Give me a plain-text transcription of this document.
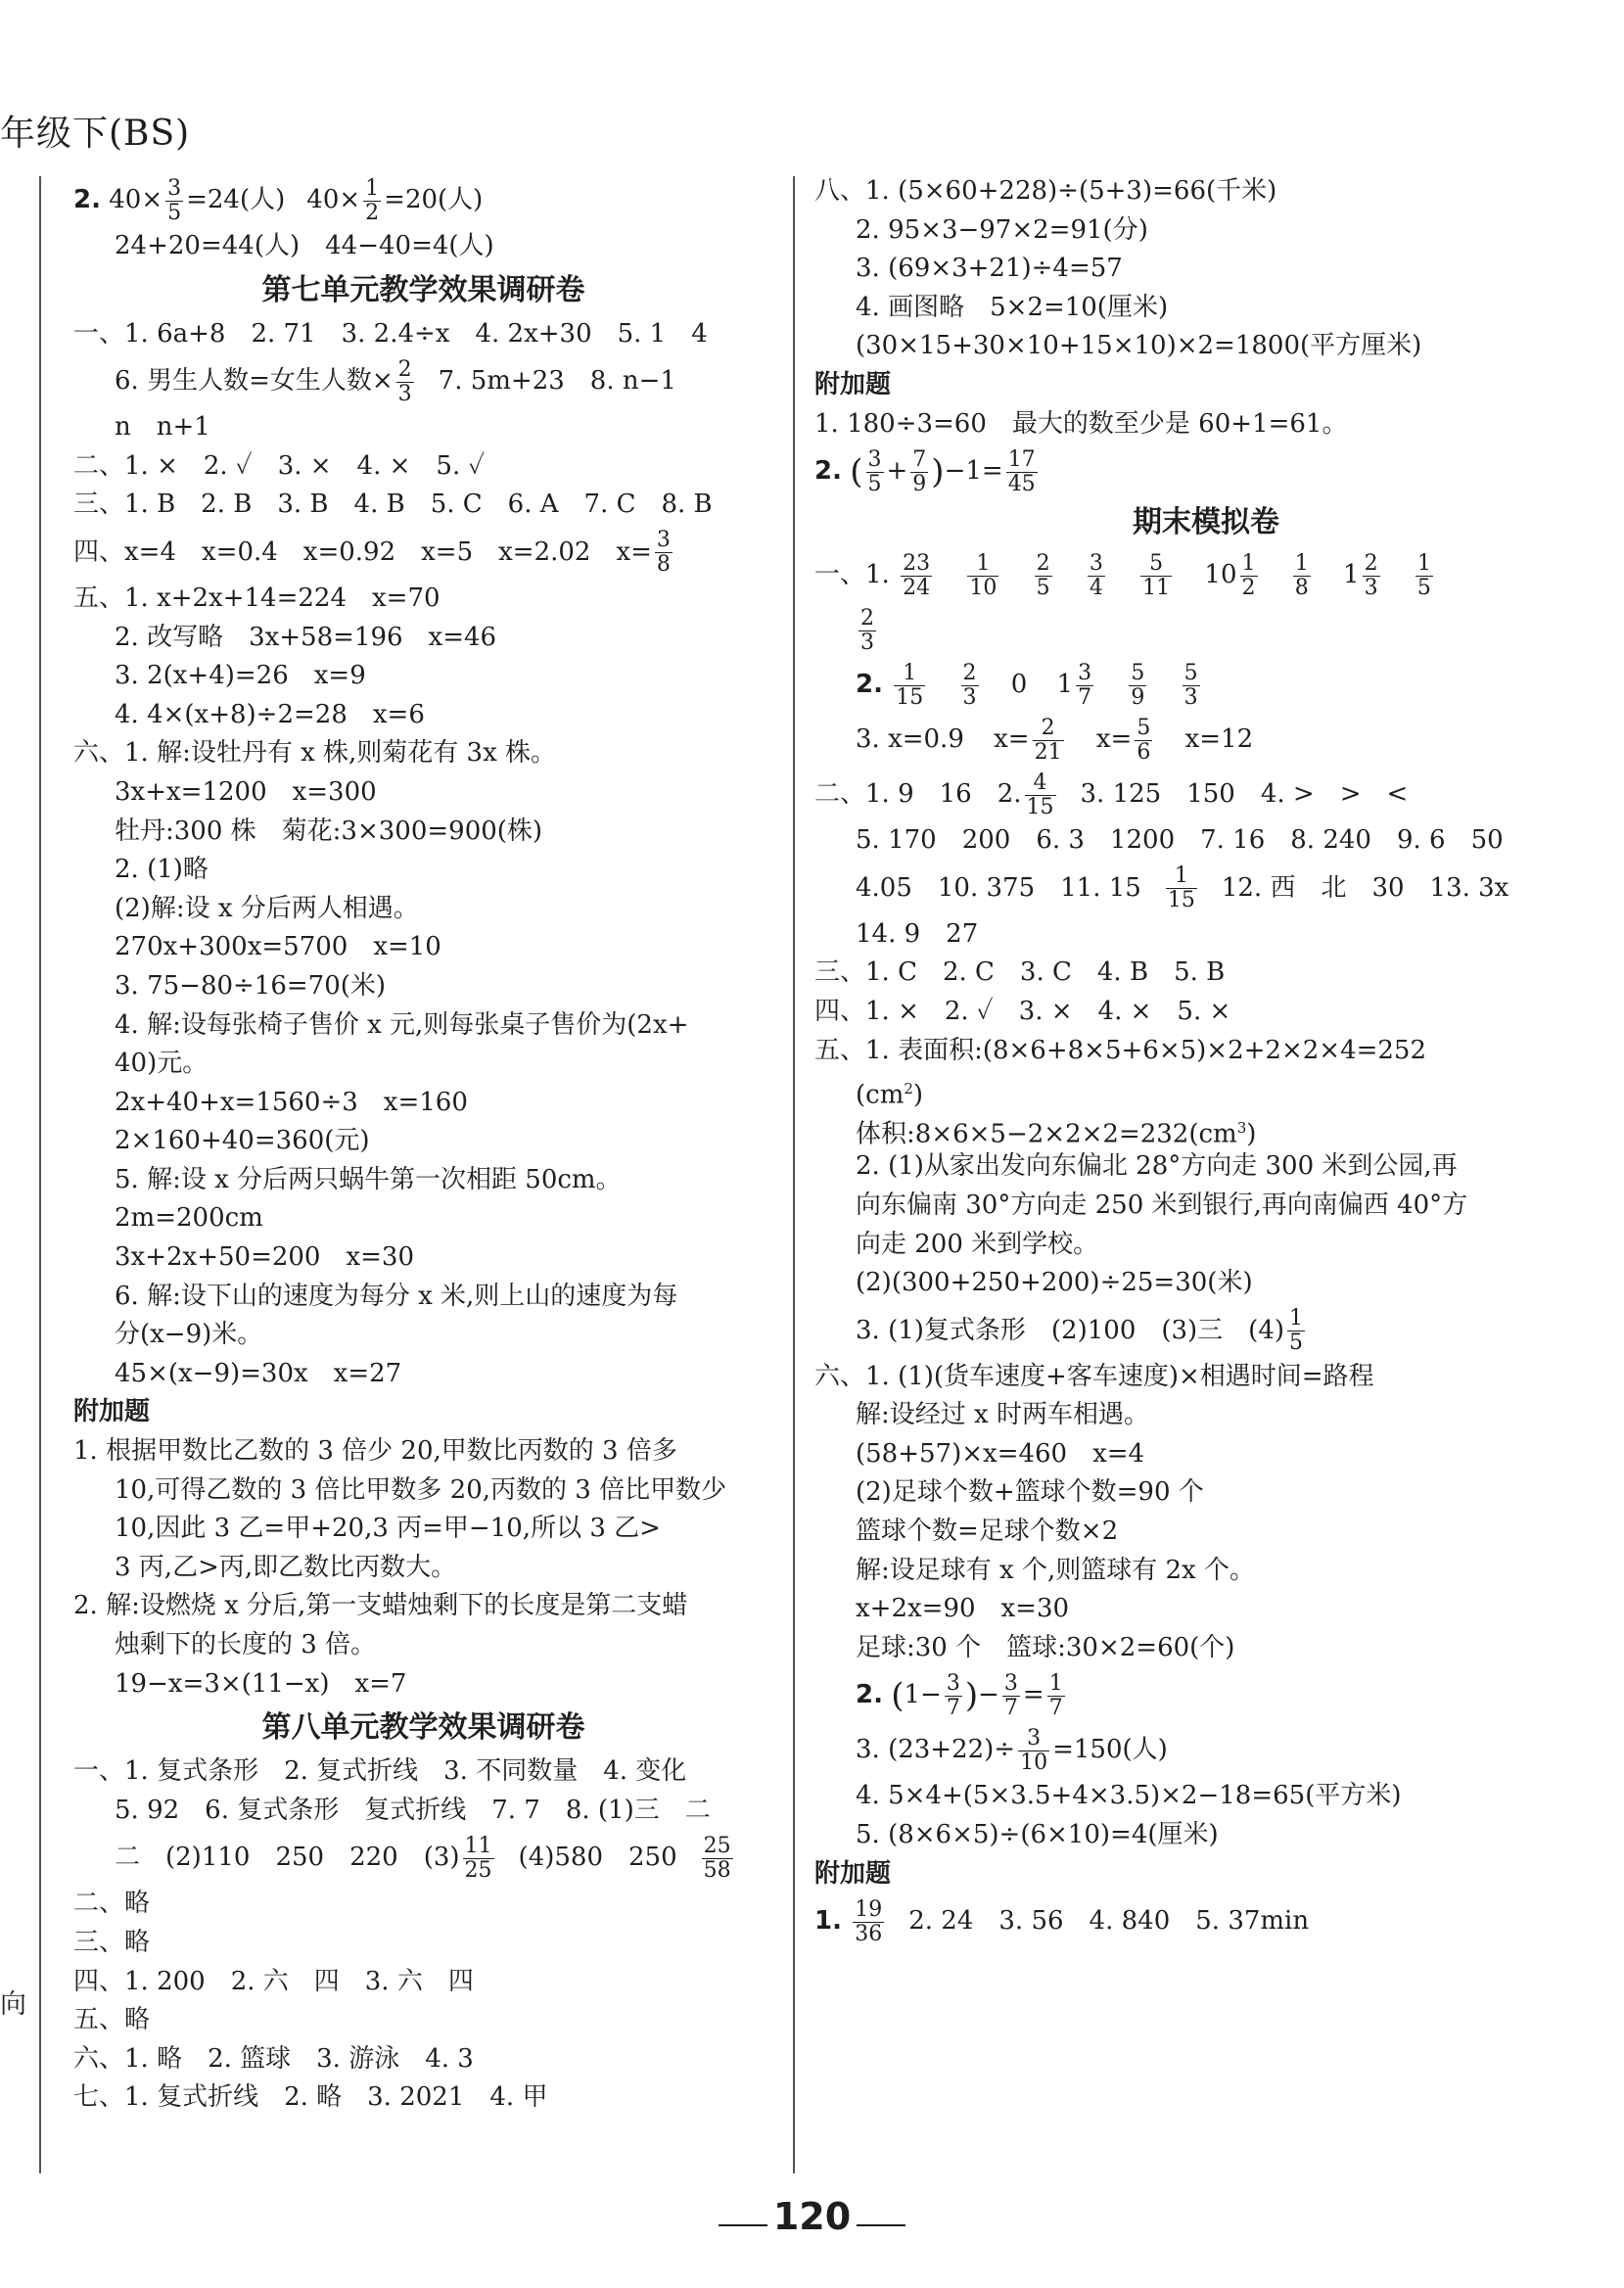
年级下(BS)
向
2. $40\times \frac{3}{5} =24$(人) $40\times \frac{1}{2} =20$(人)
24+20=44(人)　44−40=4(人)
第七单元教学效果调研卷
一、1. 6a+8　2. 71　3. 2.4÷x　4. 2x+30　5. 1　4
6. 男生人数=女生人数× $\frac{2}{3} 7$. 5m+23　8. n−1
n　n+1
二、1. ×　2. ✓　3. ×　4. ×　5. ✓
三、1. B　2. B　3. B　4. B　5. C　6. A　7. C　8. B
四、x=4　x=0.4　x=0.92　x=5　x=2.02　$x= \frac{3}{8}$
五、1. x+2x+14=224　x=70
2. 改写略　3x+58=196　x=46
3. 2(x+4)=26　x=9
4. 4×(x+8)÷2=28　x=6
六、1. 解:设牡丹有 x 株,则菊花有 3x 株。
3x+x=1200　x=300
牡丹:300 株　菊花:3×300=900(株)
2. (1)略
(2)解:设 x 分后两人相遇。
270x+300x=5700　x=10
3. 75−80÷16=70(米)
4. 解:设每张椅子售价 x 元,则每张桌子售价为(2x+
40)元。
2x+40+x=1560÷3　x=160
2×160+40=360(元)
5. 解:设 x 分后两只蜗牛第一次相距 50cm。
2m=200cm
3x+2x+50=200　x=30
6. 解:设下山的速度为每分 x 米,则上山的速度为每
分(x−9)米。
45×(x−9)=30x　x=27
附加题
1. 根据甲数比乙数的 3 倍少 20,甲数比丙数的 3 倍多
10,可得乙数的 3 倍比甲数多 20,丙数的 3 倍比甲数少
10,因此 3 乙=甲+20,3 丙=甲−10,所以 3 乙>
3 丙,乙>丙,即乙数比丙数大。
2. 解:设燃烧 x 分后,第一支蜡烛剩下的长度是第二支蜡
烛剩下的长度的 3 倍。
19−x=3×(11−x)　x=7
第八单元教学效果调研卷
一、1. 复式条形　2. 复式折线　3. 不同数量　4. 变化
5. 92　6. 复式条形　复式折线　7. 7　8. (1)三　二
二　(2)110　250　220　$(3) \frac{11}{25} (4)580$　$250 \frac{25}{58}$
二、略
三、略
四、1. 200　2. 六　四　3. 六　四
五、略
六、1. 略　2. 篮球　3. 游泳　4. 3
七、1. 复式折线　2. 略　3. 2021　4. 甲
八、1. (5×60+228)÷(5+3)=66(千米)
2. 95×3−97×2=91(分)
3. (69×3+21)÷4=57
4. 画图略　5×2=10(厘米)
(30×15+30×10+15×10)×2=1800(平方厘米)
附加题
1. 180÷3=60　最大的数至少是 60+1=61。
2. ( $\frac{3}{5} + \frac{7}{9} )-1= \frac{17}{45}$
期末模拟卷
一、1. $\frac{23}{24}$
$\frac{1}{10}$
$\frac{2}{5}$
$\frac{3}{4}$
$\frac{5}{11} 10 \frac{1}{2}$
$\frac{1}{8} 1 \frac{2}{3}$
$\frac{1}{5}$
$\frac{2}{3}$
2. $\frac{1}{15}$
$\frac{2}{3} 0$ $1 \frac{3}{7}$
$\frac{5}{9}$
$\frac{5}{3}$
3. x=0.9 $x= \frac{2}{21} x= \frac{5}{6} x=12$
二、1. 9　16　2. $\frac{4}{15} 3$. 125　150　4. >　>　<
5. 170　200　6. 3　1200　7. 16　8. 240　9. 6　50
4.05　10. 375　11. $15 \frac{1}{15} 12$. 西　北　30　13. 3x
14. 9　27
三、1. C　2. C　3. C　4. B　5. B
四、1. ×　2. ✓　3. ×　4. ×　5. ×
五、1. 表面积:(8×6+8×5+6×5)×2+2×2×4=252
$(cm^2)$
体积$:8\times 6\times 5-2\times 2\times 2=232(cm^3)$
2. (1)从家出发向东偏北 28°方向走 300 米到公园,再
向东偏南 30°方向走 250 米到银行,再向南偏西 40°方
向走 200 米到学校。
(2)(300+250+200)÷25=30(米)
3. (1)复式条形　(2)100　(3)三　$(4) \frac{1}{5}$
六、1. (1)(货车速度+客车速度)×相遇时间=路程
解:设经过 x 时两车相遇。
(58+57)×x=460　x=4
(2)足球个数+篮球个数=90 个
篮球个数=足球个数×2
解:设足球有 x 个,则篮球有 2x 个。
x+2x=90　x=30
足球:30 个　篮球:30×2=60(个)
2. ($1- \frac{3}{7}$ )− $\frac{3}{7} = \frac{1}{7}$
3. $(23+22)\div \frac{3}{10} =150$(人)
4. 5×4+(5×3.5+4×3.5)×2−18=65(平方米)
5. (8×6×5)÷(6×10)=4(厘米)
附加题
1. $\frac{19}{36} 2$. 24　3. 56　4. 840　5. 37min
120
